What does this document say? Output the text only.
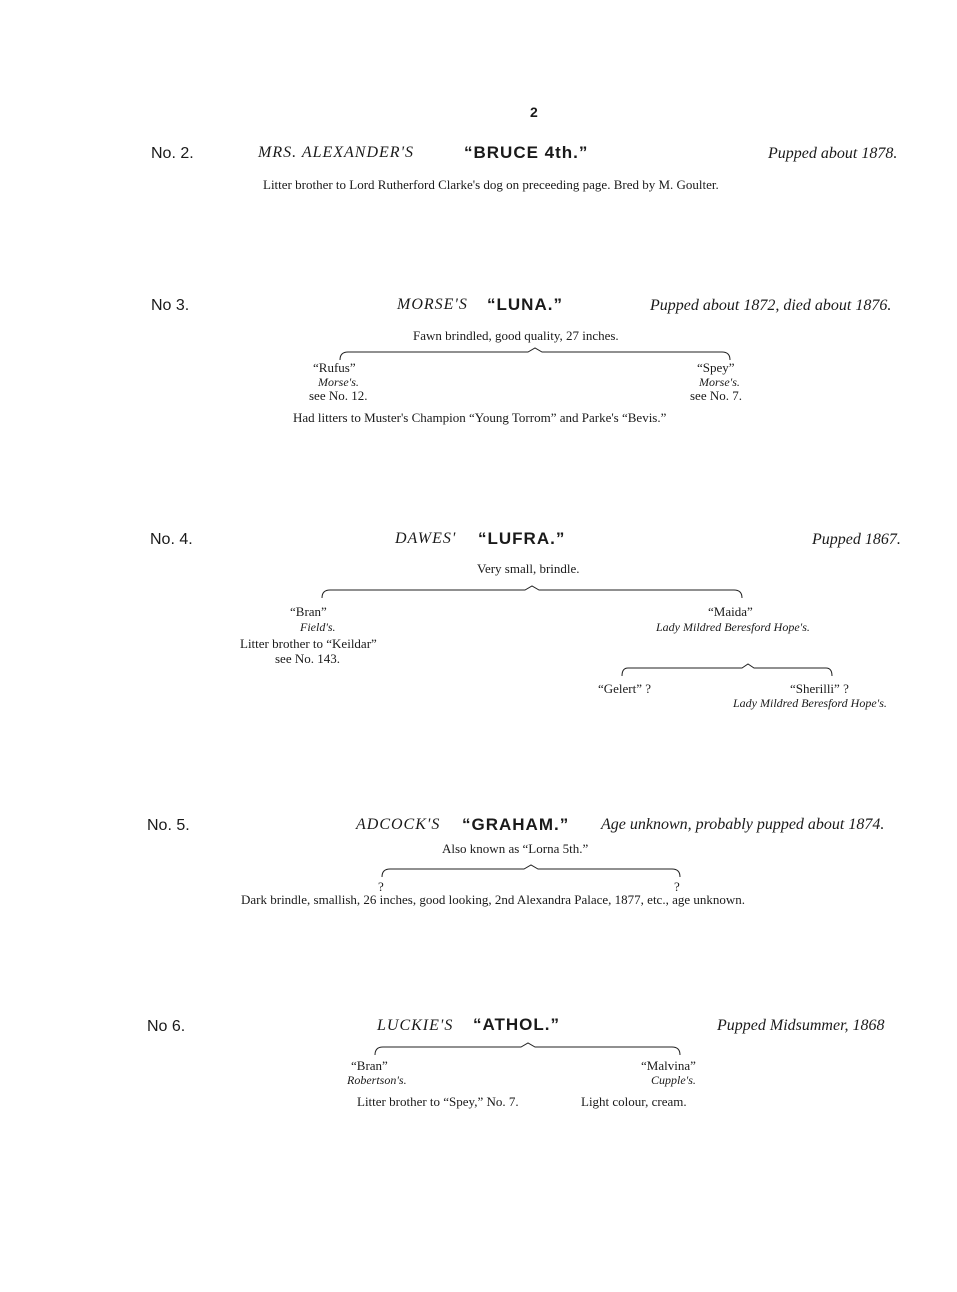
2
No. 2.	MRS. ALEXANDER'S	“BRUCE 4th.”	Pupped about 1878.
Litter brother to Lord Rutherford Clarke's dog on preceeding page. Bred by M. Goulter.
No 3.	MORSE'S “LUNA.”	Pupped about 1872, died about 1876.
Fawn brindled, good quality, 27 inches.
“Rufus”
Morse's.
see No. 12.
“Spey”
Morse's.
see No. 7.
Had litters to Muster's Champion “Young Torrom” and Parke's “Bevis.”
No. 4.	DAWES' “LUFRA.”	Pupped 1867.
Very small, brindle.
“Bran”
Field's.
Litter brother to “Keildar”
see No. 143.
“Maida”
Lady Mildred Beresford Hope's.
“Gelert” ?	“Sherilli” ?
Lady Mildred Beresford Hope's.
No. 5.	ADCOCK'S “GRAHAM.” Age unknown, probably pupped about 1874.
Also known as “Lorna 5th.”
?	?
Dark brindle, smallish, 26 inches, good looking, 2nd Alexandra Palace, 1877, etc., age unknown.
No 6.	LUCKIE'S “ATHOL.”	Pupped Midsummer, 1868
“Bran”
Robertson's.
Litter brother to “Spey,” No. 7.
“Malvina”
Cupple's.
Light colour, cream.
